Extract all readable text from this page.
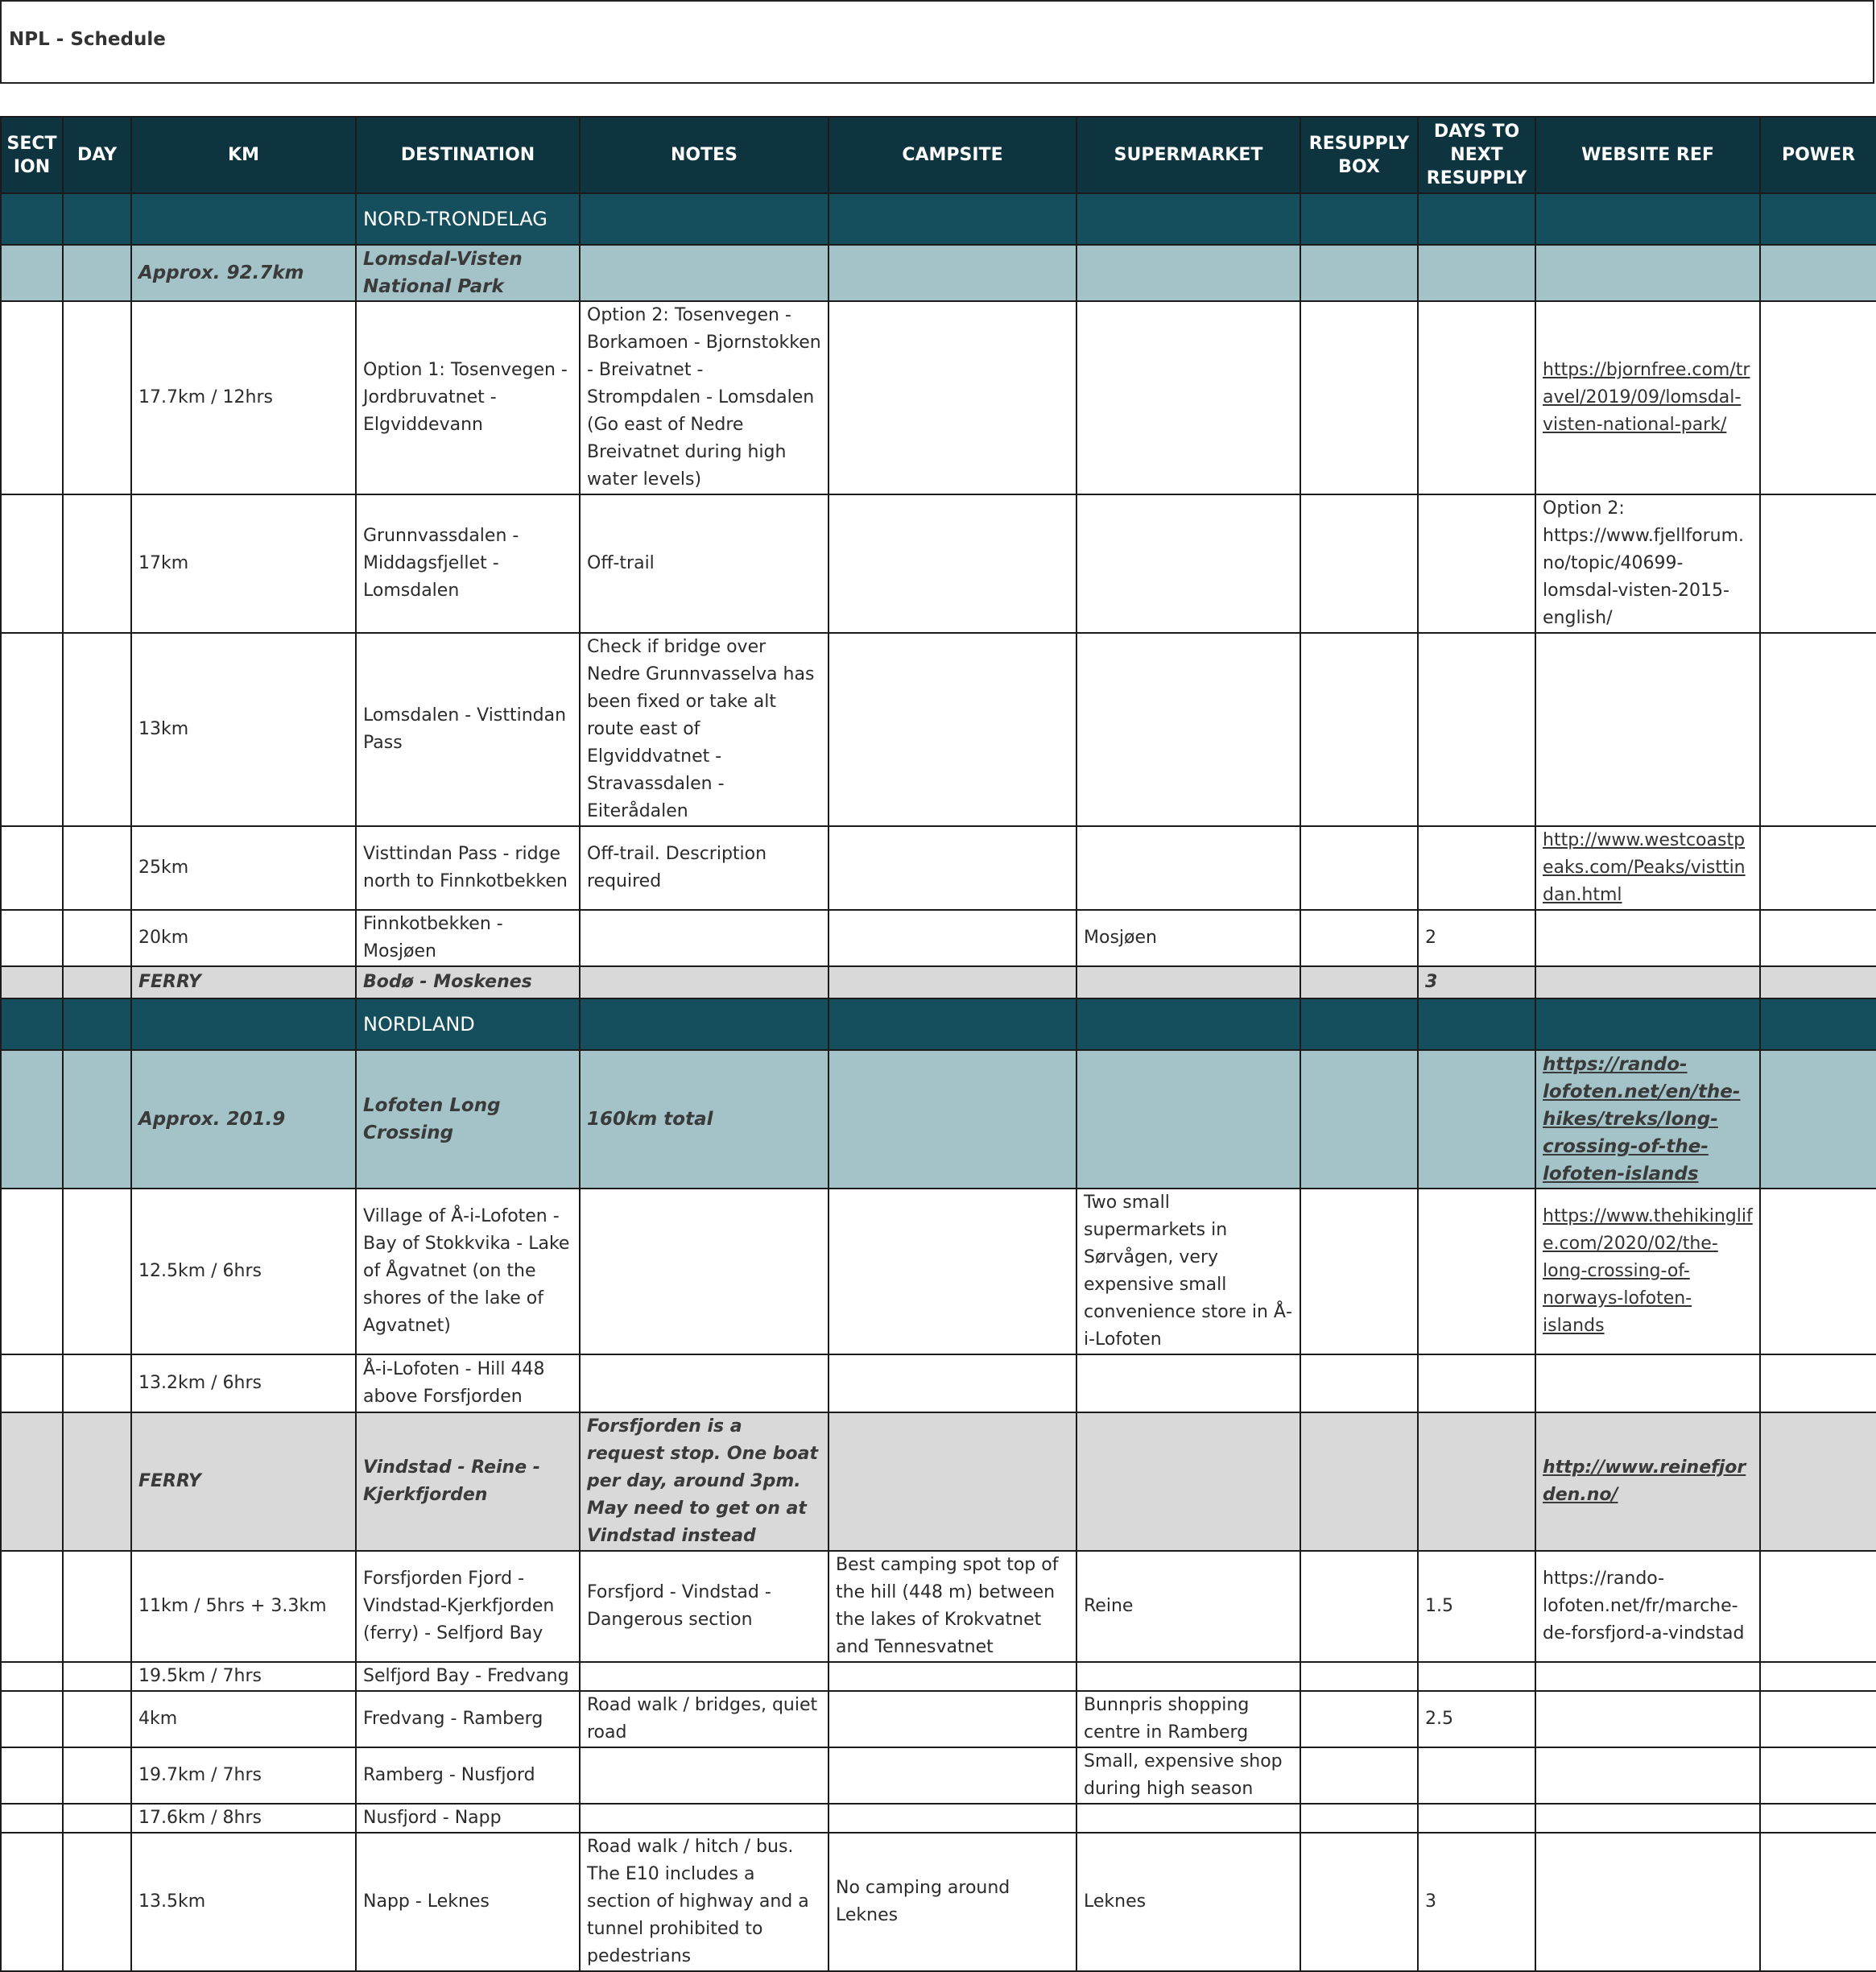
NPL - Schedule
SECT ION	DAY	KM	DESTINATION	NOTES	CAMPSITE	SUPERMARKET	RESUPPLY BOX	DAYS TO NEXT RESUPPLY	WEBSITE REF	POWER
			NORD-TRONDELAG							
		Approx. 92.7km	Lomsdal-Visten National Park							
		17.7km / 12hrs	Option 1: Tosenvegen - Jordbruvatnet - Elgviddevann	Option 2: Tosenvegen - Borkamoen - Bjornstokken - Breivatnet - Strompdalen - Lomsdalen (Go east of Nedre Breivatnet during high water levels)					https://bjornfree.com/travel/2019/09/lomsdal-visten-national-park/	
		17km	Grunnvassdalen - Middagsfjellet - Lomsdalen	Off-trail					Option 2: https://www.fjellforum.no/topic/40699-lomsdal-visten-2015-english/	
		13km	Lomsdalen - Visttindan Pass	Check if bridge over Nedre Grunnvasselva has been fixed or take alt route east of Elgviddvatnet - Stravassdalen - Eiterådalen						
		25km	Visttindan Pass - ridge north to Finnkotbekken	Off-trail. Description required					http://www.westcoastpeaks.com/Peaks/visttindan.html	
		20km	Finnkotbekken - Mosjøen			Mosjøen		2		
		FERRY	Bodø - Moskenes					3		
			NORDLAND							
		Approx. 201.9	Lofoten Long Crossing	160km total					https://rando-lofoten.net/en/the-hikes/treks/long-crossing-of-the-lofoten-islands	
		12.5km / 6hrs	Village of Å-i-Lofoten - Bay of Stokkvika - Lake of Ågvatnet (on the shores of the lake of Agvatnet)			Two small supermarkets in Sørvågen, very expensive small convenience store in Å-i-Lofoten			https://www.thehikinglife.com/2020/02/the-long-crossing-of-norways-lofoten-islands	
		13.2km / 6hrs	Å-i-Lofoten - Hill 448 above Forsfjorden							
		FERRY	Vindstad - Reine - Kjerkfjorden	Forsfjorden is a request stop. One boat per day, around 3pm. May need to get on at Vindstad instead					http://www.reinefjorden.no/	
		11km / 5hrs + 3.3km	Forsfjorden Fjord - Vindstad-Kjerkfjorden (ferry) - Selfjord Bay	Forsfjord - Vindstad - Dangerous section	Best camping spot top of the hill (448 m) between the lakes of Krokvatnet and Tennesvatnet	Reine		1.5	https://rando-lofoten.net/fr/marche-de-forsfjord-a-vindstad	
		19.5km / 7hrs	Selfjord Bay - Fredvang							
		4km	Fredvang - Ramberg	Road walk / bridges, quiet road		Bunnpris shopping centre in Ramberg		2.5		
		19.7km / 7hrs	Ramberg - Nusfjord			Small, expensive shop during high season				
		17.6km / 8hrs	Nusfjord - Napp							
		13.5km	Napp - Leknes	Road walk / hitch / bus. The E10 includes a section of highway and a tunnel prohibited to pedestrians	No camping around Leknes	Leknes		3		
